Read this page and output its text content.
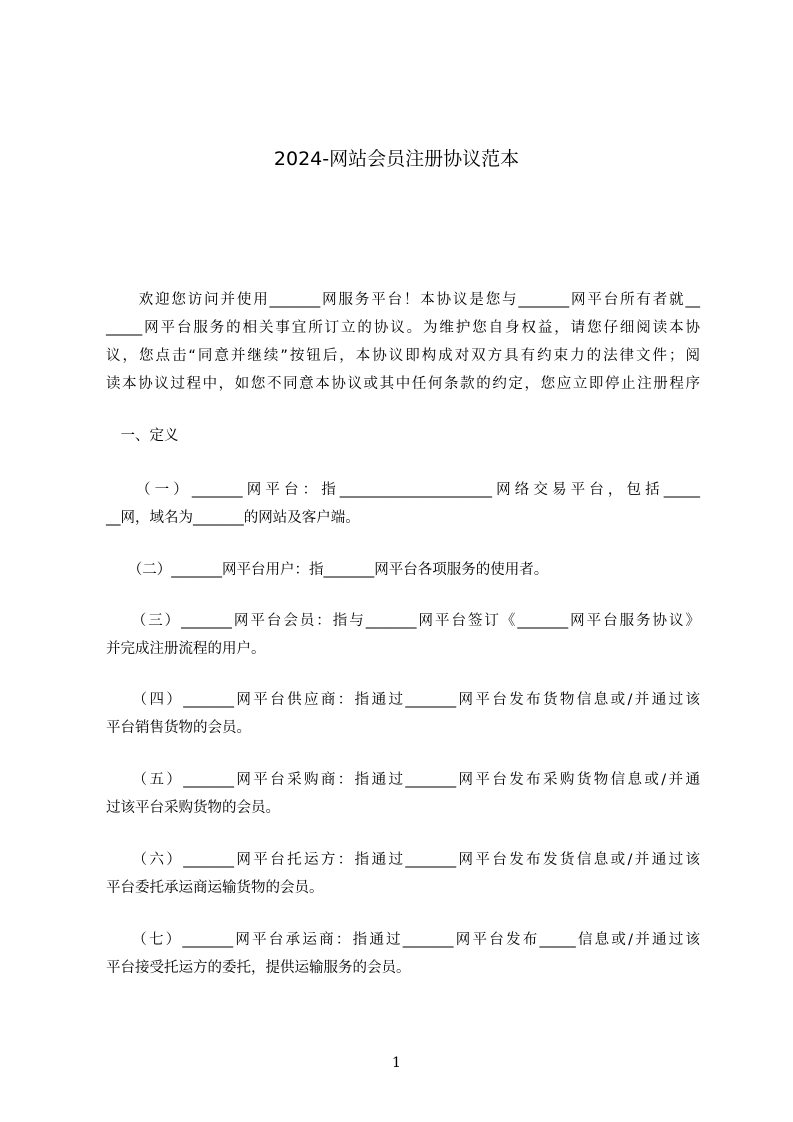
2024-网站会员注册协议范本
　　欢迎您访问并使用_______网服务平台！本协议是您与_______网平台所有者就__
_____网平台服务的相关事宜所订立的协议。为维护您自身权益，请您仔细阅读本协
议，您点击“同意并继续”按钮后，本协议即构成对双方具有约束力的法律文件；阅
读本协议过程中，如您不同意本协议或其中任何条款的约定，您应立即停止注册程序
　一、定义
　　（一）_______网平台：指_____________________网络交易平台，包括_____
__网，域名为_______的网站及客户端。
　　（二）_______网平台用户：指_______网平台各项服务的使用者。
　　（三）_______网平台会员：指与_______网平台签订《_______网平台服务协议》
并完成注册流程的用户。
　　（四）_______网平台供应商：指通过_______网平台发布货物信息或/并通过该
平台销售货物的会员。
　　（五）_______网平台采购商：指通过_______网平台发布采购货物信息或/并通
过该平台采购货物的会员。
　　（六）_______网平台托运方：指通过_______网平台发布发货信息或/并通过该
平台委托承运商运输货物的会员。
　　（七）_______网平台承运商：指通过_______网平台发布_____信息或/并通过该
平台接受托运方的委托，提供运输服务的会员。
1
